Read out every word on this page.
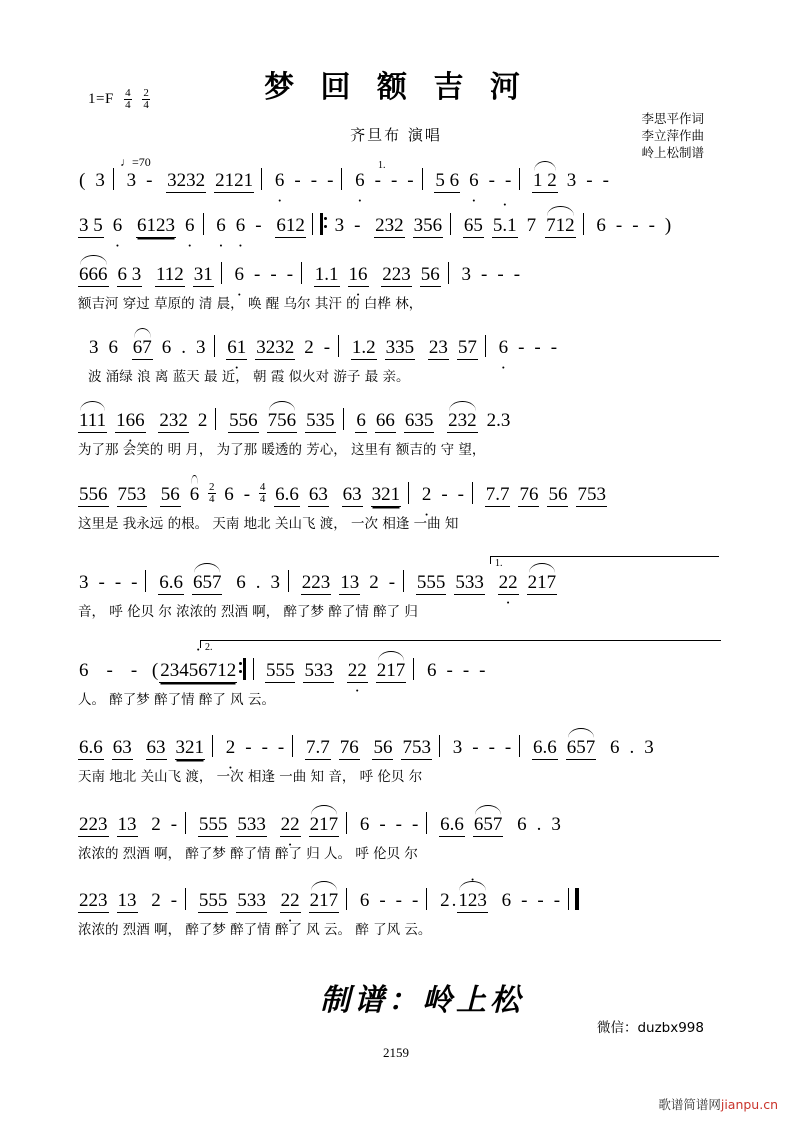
$1=F \frac{4}{4}$
$\frac{2}{4}$	梦 回 额 吉 河
齐旦布 演唱
李思平作词
李立萍作曲
岭上松制谱
♩=70
( 3 3 - 3232 2121
1.
· 6 - - - · 6 - - - 5 6 · 6 - - 1 2 3 - -
3 5 · 6 6123 · 6 · 6 · 6 - 612 3 - 232 356 65 5.1 · 7 712 6 - - - )
666 6 3 112 31 · 6 - - - 1.1 · 16 223 56 3 - - -
额吉河 穿过 草原的 清 晨， 唤 醒 乌尔 其汗 的 白桦 林，
3 6 67 6 . 3 · 61 3232 2 - 1.2 335 23 57 · 6 - - -
波 涌绿 浪 离 蓝天 最 近， 朝 霞 似火对 游子 最 亲。
111 · 166 232 2 556 756 535 6 66 635 232 2.3
为了那 会笑的 明 月， 为了那 暖透的 芳心， 这里有 额吉的 守 望，
556 753 56 $6 \frac{2}{4} 6 - \frac{4}{4} 6.6$ 63 63 321 · 2 - - 7.7 76 56 753
这里是 我永远 的根。 天南 地北 关山飞 渡， 一次 相逢 一曲 知
1.
3 - - - 6.6 657 6 . 3 223 13 2 - 555 533 · 22 217
音， 呼 伦贝 尔 浓浓的 烈酒 啊， 醉了梦 醉了情 醉了 归
2.
6 - - ( 23456712 · 555 533 · 22 217 6 - - -
人。 醉了梦 醉了情 醉了 风 云。
6.6 63 63 321 · 2 - - - 7.7 76 56 753 3 - - - 6.6 657 6 . 3
天南 地北 关山飞 渡， 一次 相逢 一曲 知 音， 呼 伦贝 尔
223 13 2 - 555 533 · 22 217 6 - - - 6.6 657 6 . 3
浓浓的 烈酒 啊， 醉了梦 醉了情 醉了 归 人。 呼 伦贝 尔
223 13 2 - 555 533 · 22 217 6 - - - 2 . 123 · 6 - - -
浓浓的 烈酒 啊， 醉了梦 醉了情 醉了 风 云。 醉 了风 云。
制谱：岭上松
微信：duzbx998
2159
歌谱简谱网jianpu.cn
